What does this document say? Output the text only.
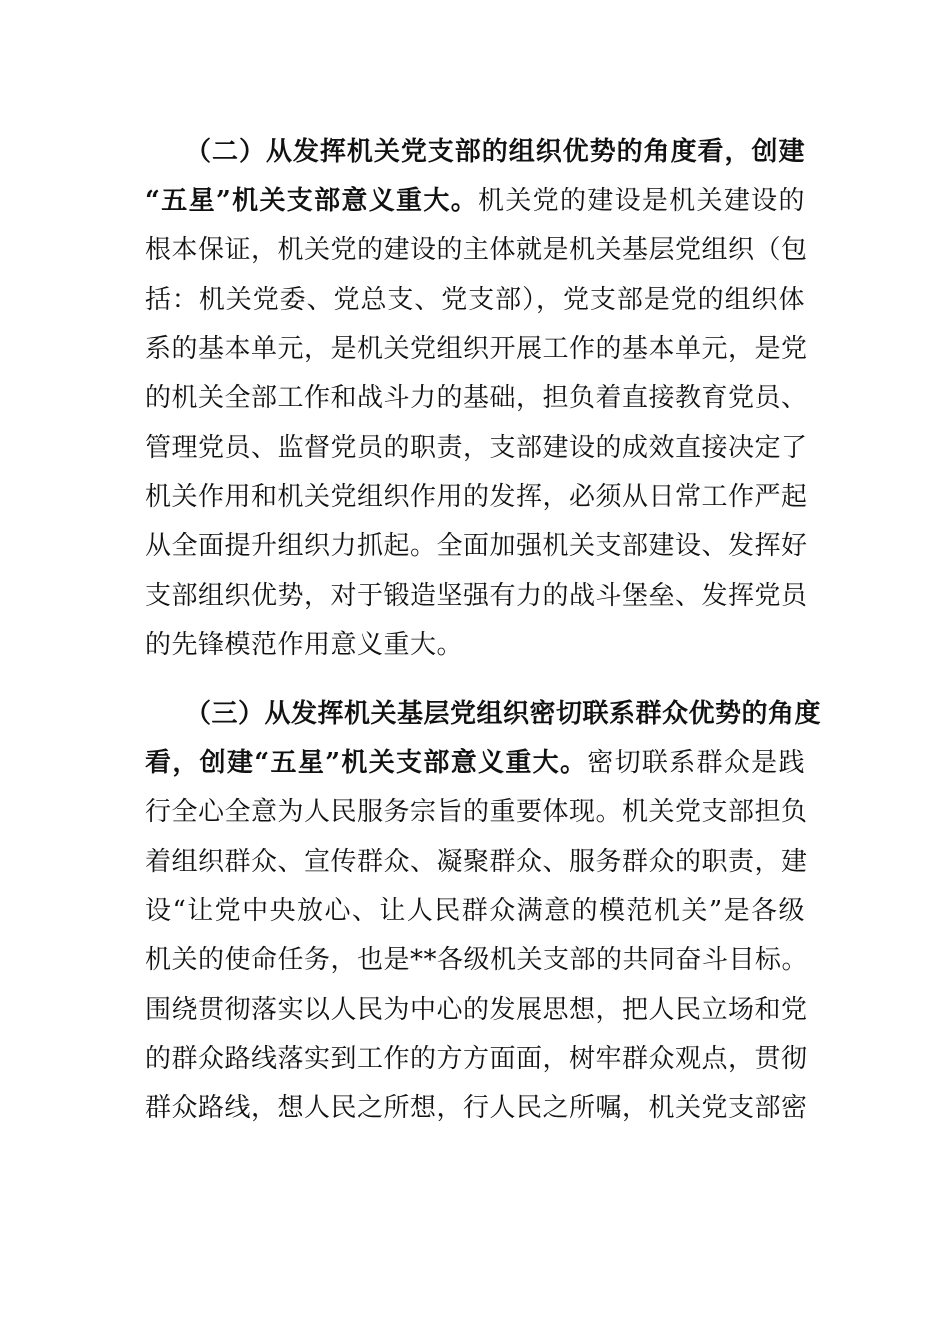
（二）从发挥机关党支部的组织优势的角度看，创建
“五星”机关支部意义重大。机关党的建设是机关建设的
根本保证，机关党的建设的主体就是机关基层党组织（包
括：机关党委、党总支、党支部），党支部是党的组织体
系的基本单元，是机关党组织开展工作的基本单元，是党
的机关全部工作和战斗力的基础，担负着直接教育党员、
管理党员、监督党员的职责，支部建设的成效直接决定了
机关作用和机关党组织作用的发挥，必须从日常工作严起
从全面提升组织力抓起。全面加强机关支部建设、发挥好
支部组织优势，对于锻造坚强有力的战斗堡垒、发挥党员
的先锋模范作用意义重大。
（三）从发挥机关基层党组织密切联系群众优势的角度
看，创建“五星”机关支部意义重大。密切联系群众是践
行全心全意为人民服务宗旨的重要体现。机关党支部担负
着组织群众、宣传群众、凝聚群众、服务群众的职责，建
设“让党中央放心、让人民群众满意的模范机关”是各级
机关的使命任务，也是**各级机关支部的共同奋斗目标。
围绕贯彻落实以人民为中心的发展思想，把人民立场和党
的群众路线落实到工作的方方面面，树牢群众观点，贯彻
群众路线，想人民之所想，行人民之所嘱，机关党支部密
